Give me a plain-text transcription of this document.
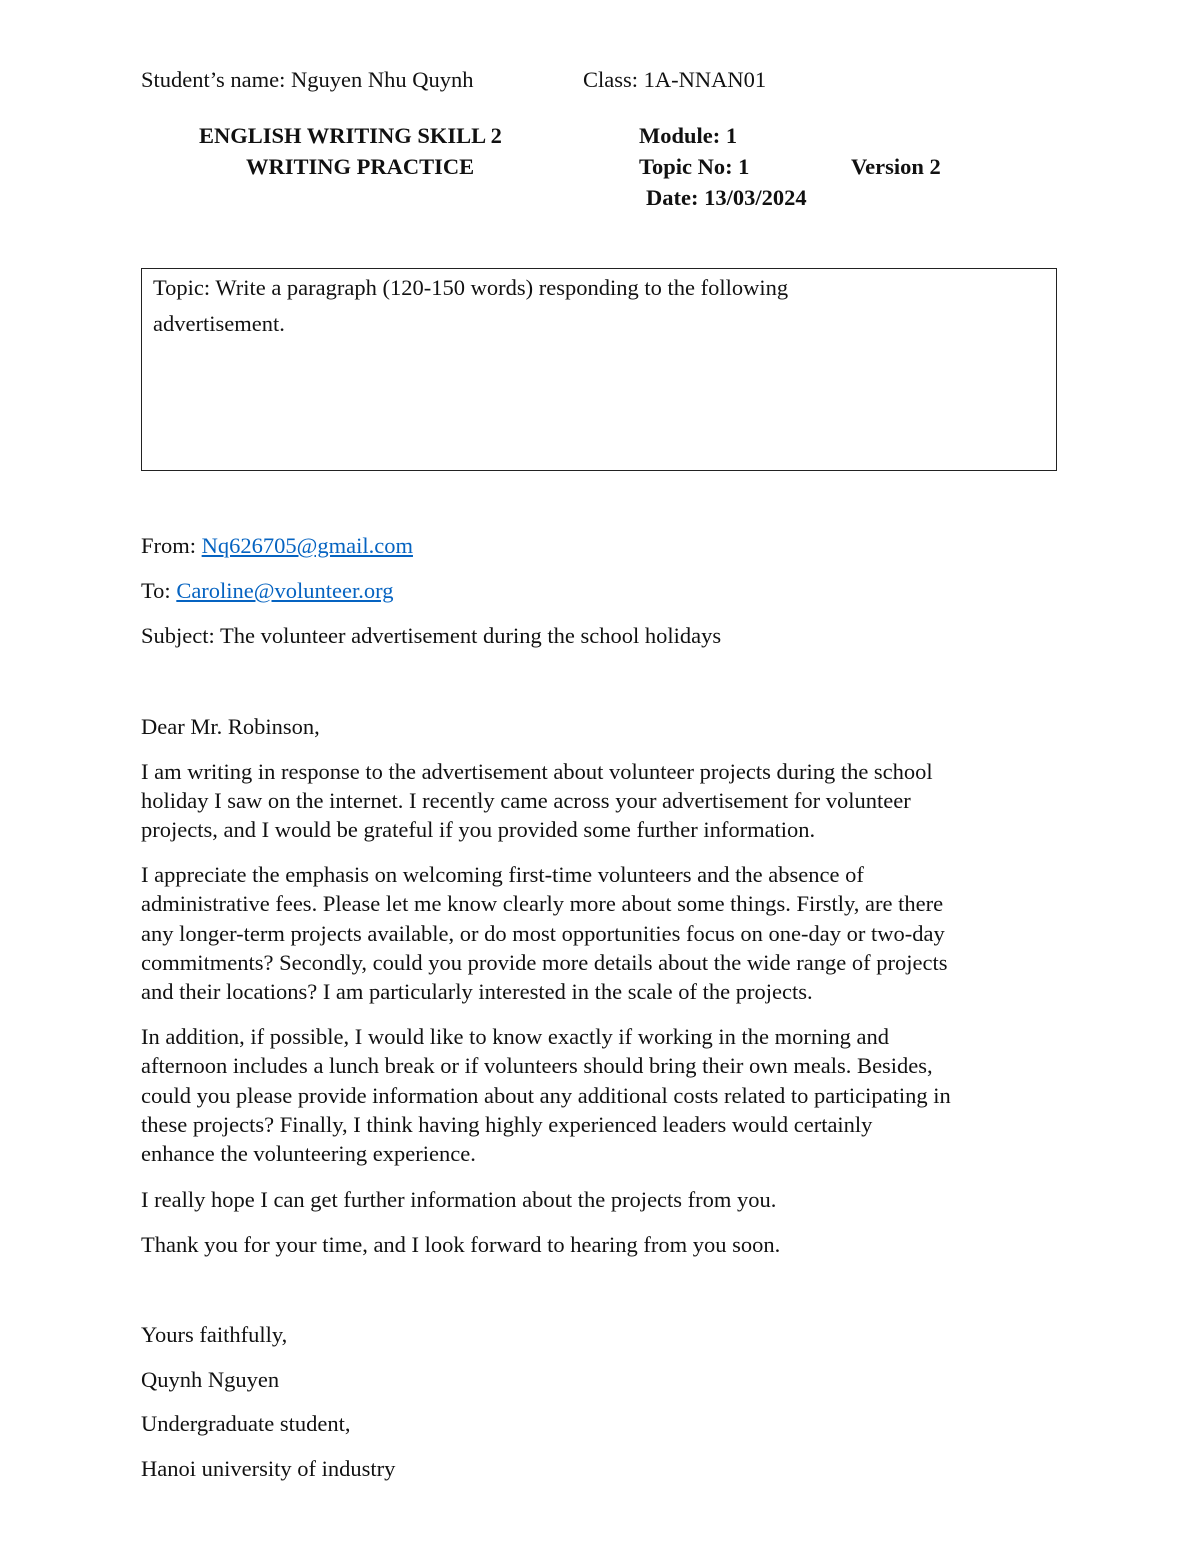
Student’s name: Nguyen Nhu Quynh	Class: 1A-NNAN01
ENGLISH WRITING SKILL 2	Module: 1
WRITING PRACTICE	Topic No: 1	Version 2
Date: 13/03/2024
Topic: Write a paragraph (120-150 words) responding to the following
advertisement.
From: Nq626705@gmail.com
To: Caroline@volunteer.org
Subject: The volunteer advertisement during the school holidays
Dear Mr. Robinson,
I am writing in response to the advertisement about volunteer projects during the school
holiday I saw on the internet. I recently came across your advertisement for volunteer
projects, and I would be grateful if you provided some further information.
I appreciate the emphasis on welcoming first-time volunteers and the absence of
administrative fees. Please let me know clearly more about some things. Firstly, are there
any longer-term projects available, or do most opportunities focus on one-day or two-day
commitments? Secondly, could you provide more details about the wide range of projects
and their locations? I am particularly interested in the scale of the projects.
In addition, if possible, I would like to know exactly if working in the morning and
afternoon includes a lunch break or if volunteers should bring their own meals. Besides,
could you please provide information about any additional costs related to participating in
these projects? Finally, I think having highly experienced leaders would certainly
enhance the volunteering experience.
I really hope I can get further information about the projects from you.
Thank you for your time, and I look forward to hearing from you soon.
Yours faithfully,
Quynh Nguyen
Undergraduate student,
Hanoi university of industry
